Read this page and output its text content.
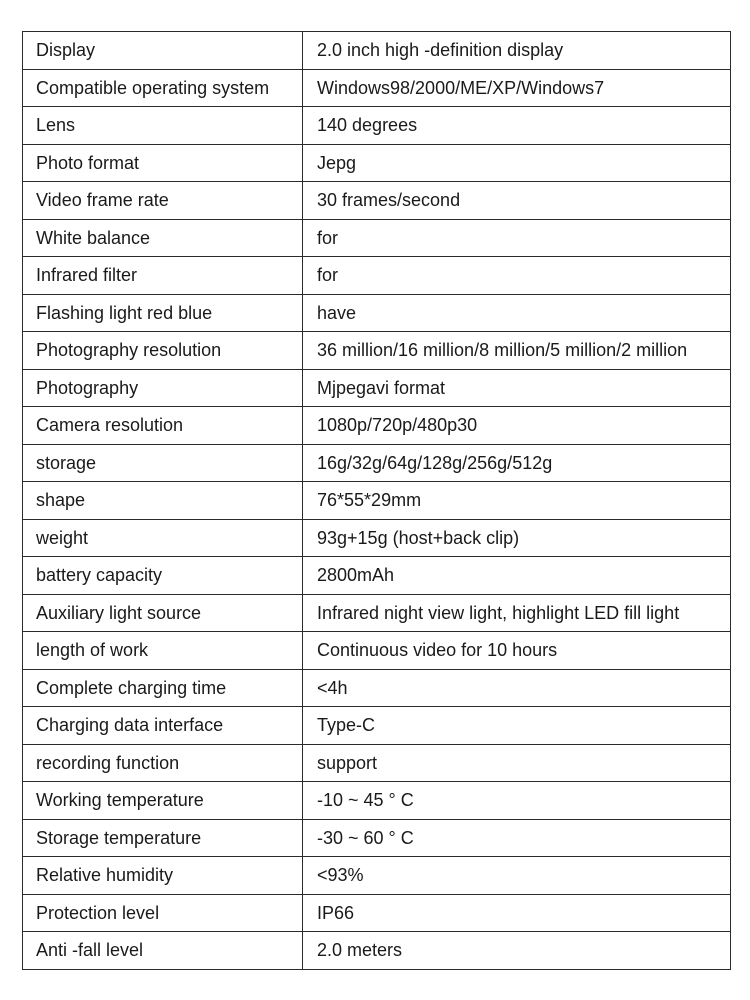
Display	2.0 inch high -definition display
Compatible operating system	Windows98/2000/ME/XP/Windows7
Lens	140 degrees
Photo format	Jepg
Video frame rate	30 frames/second
White balance	for
Infrared filter	for
Flashing light red blue	have
Photography resolution	36 million/16 million/8 million/5 million/2 million
Photography	Mjpegavi format
Camera resolution	1080p/720p/480p30
storage	16g/32g/64g/128g/256g/512g
shape	76*55*29mm
weight	93g+15g (host+back clip)
battery capacity	2800mAh
Auxiliary light source	Infrared night view light, highlight LED fill light
length of work	Continuous video for 10 hours
Complete charging time	<4h
Charging data interface	Type-C
recording function	support
Working temperature	-10 ~ 45 ° C
Storage temperature	-30 ~ 60 ° C
Relative humidity	<93%
Protection level	IP66
Anti -fall level	2.0 meters
